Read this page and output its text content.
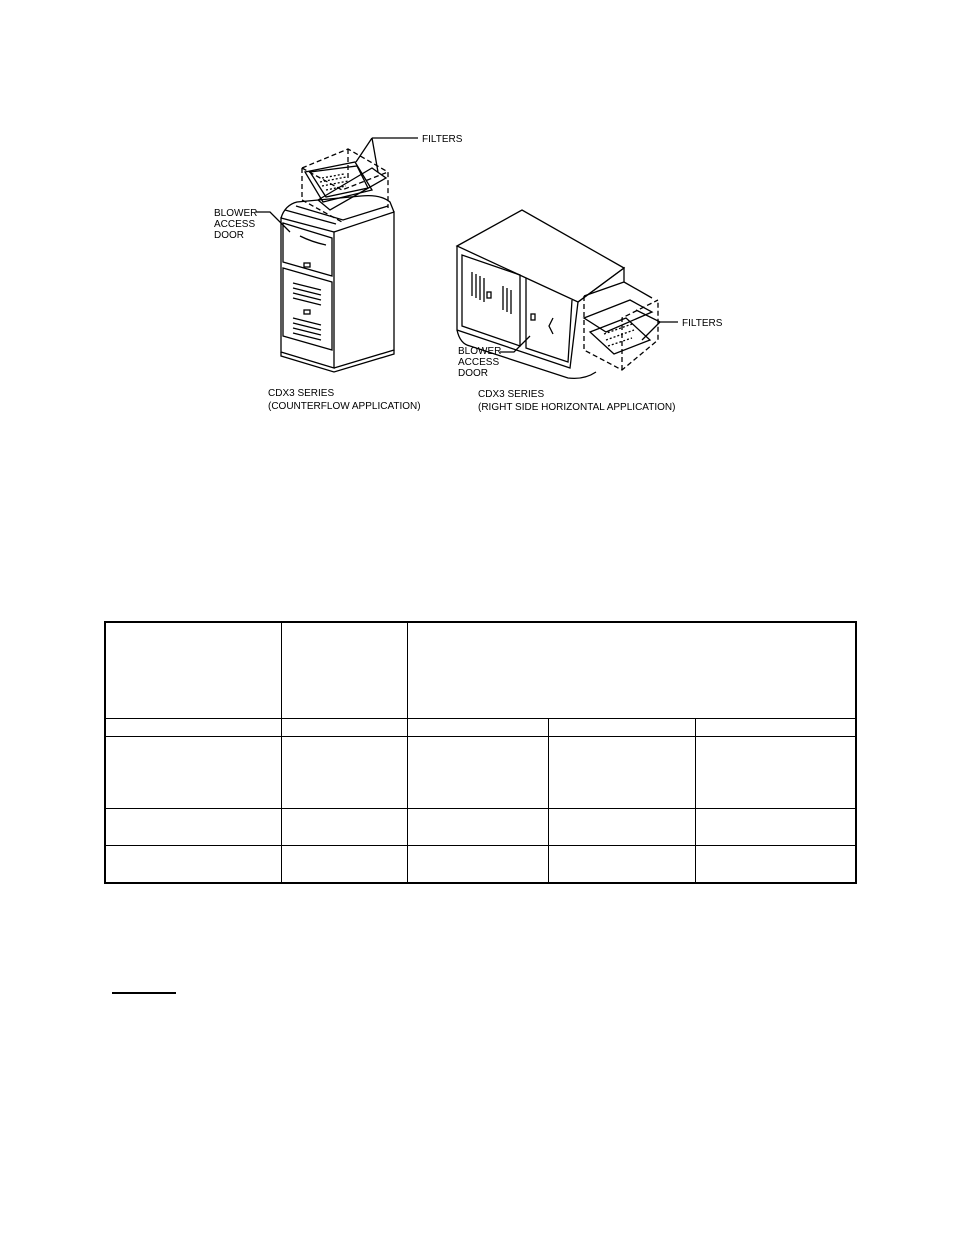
FILTERS
BLOWER
ACCESS
DOOR
CDX3 SERIES
(COUNTERFLOW APPLICATION)
FILTERS
BLOWER
ACCESS
DOOR
CDX3 SERIES
(RIGHT SIDE HORIZONTAL APPLICATION)
